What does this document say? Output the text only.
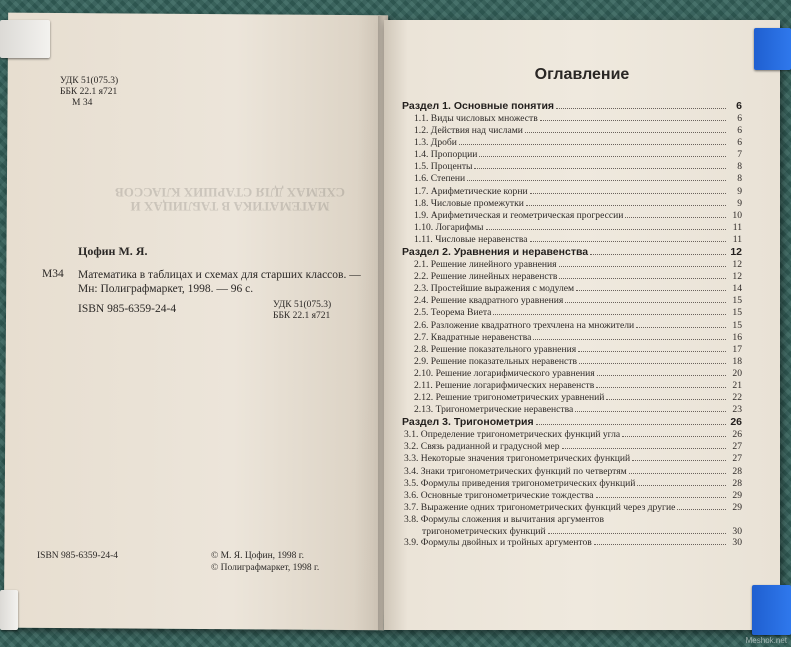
УДК 51(075.3)
ББК 22.1 я721
М 34
МАТЕМАТИКА В ТАБЛИЦАХ И СХЕМАХ ДЛЯ СТАРШИХ КЛАССОВ
Цофин М. Я.
М34 Математика в таблицах и схемах для старших классов. — Мн: Полиграфмаркет, 1998. — 96 с.
ISBN 985-6359-24-4	УДК 51(075.3)
ББК 22.1 я721
ISBN 985-6359-24-4	© М. Я. Цофин, 1998 г.
© Полиграфмаркет, 1998 г.
Оглавление
Раздел 1. Основные понятия	6
1.1. Виды числовых множеств	6
1.2. Действия над числами	6
1.3. Дроби	6
1.4. Пропорции	7
1.5. Проценты	8
1.6. Степени	8
1.7. Арифметические корни	9
1.8. Числовые промежутки	9
1.9. Арифметическая и геометрическая прогрессии	10
1.10. Логарифмы	11
1.11. Числовые неравенства	11
Раздел 2. Уравнения и неравенства	12
2.1. Решение линейного уравнения	12
2.2. Решение линейных неравенств	12
2.3. Простейшие выражения с модулем	14
2.4. Решение квадратного уравнения	15
2.5. Теорема Виета	15
2.6. Разложение квадратного трехчлена на множители	15
2.7. Квадратные неравенства	16
2.8. Решение показательного уравнения	17
2.9. Решение показательных неравенств	18
2.10. Решение логарифмического уравнения	20
2.11. Решение логарифмических неравенств	21
2.12. Решение тригонометрических уравнений	22
2.13. Тригонометрические неравенства	23
Раздел 3. Тригонометрия	26
3.1. Определение тригонометрических функций угла	26
3.2. Связь радианной и градусной мер	27
3.3. Некоторые значения тригонометрических функций	27
3.4. Знаки тригонометрических функций по четвертям	28
3.5. Формулы приведения тригонометрических функций	28
3.6. Основные тригонометрические тождества	29
3.7. Выражение одних тригонометрических функций через другие	29
3.8. Формулы сложения и вычитания аргументов
тригонометрических функций	30
3.9. Формулы двойных и тройных аргументов	30
Meshok.net
